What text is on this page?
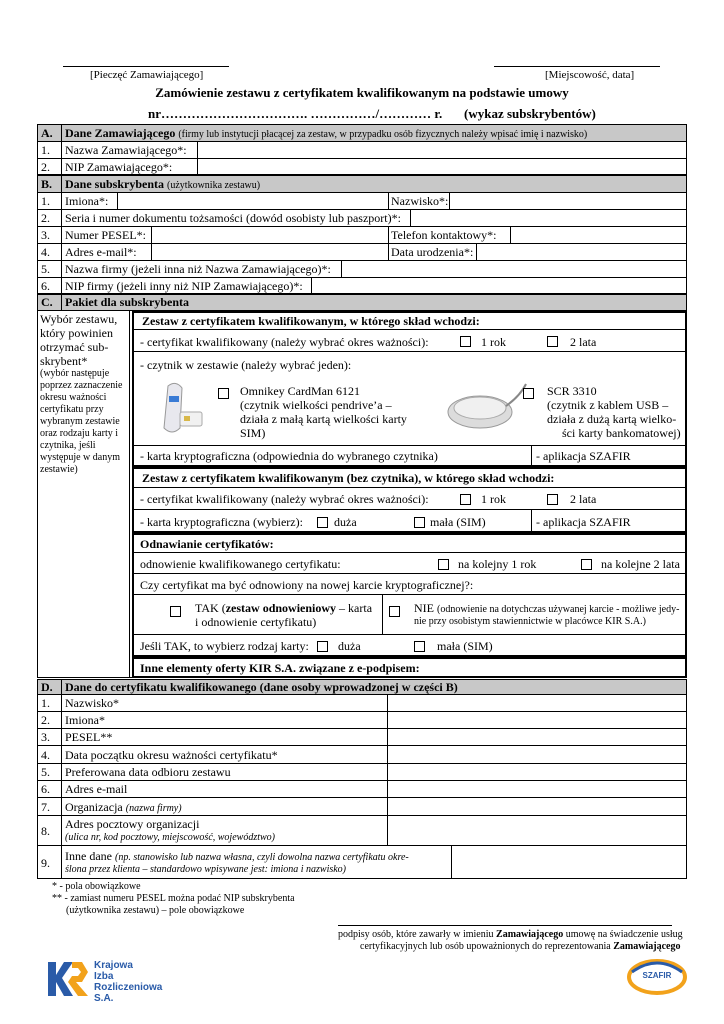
[Pieczęć Zamawiającego]	[Miejscowość, data]
Zamówienie zestawu z certyfikatem kwalifikowanym na podstawie umowy
nr……………………………. ……………/………… r. (wykaz subskrybentów)
A. Dane Zamawiającego (firmy lub instytucji płacącej za zestaw, w przypadku osób fizycznych należy wpisać imię i nazwisko)
1. Nazwa Zamawiającego*:
2. NIP Zamawiającego*:
B. Dane subskrybenta (użytkownika zestawu)
1. Imiona*:	Nazwisko*:
2. Seria i numer dokumentu tożsamości (dowód osobisty lub paszport)*:
3. Numer PESEL*:	Telefon kontaktowy*:
4. Adres e-mail*:	Data urodzenia*:
5. Nazwa firmy (jeżeli inna niż Nazwa Zamawiającego)*:
6. NIP firmy (jeżeli inny niż NIP Zamawiającego)*:
C. Pakiet dla subskrybenta
Wybór zestawu, który powinien otrzymać sub-skrybent*
(wybór następuje poprzez zaznaczenie okresu ważności certyfikatu przy wybranym zestawie oraz rodzaju karty i czytnika, jeśli występuje w danym zestawie)
Zestaw z certyfikatem kwalifikowanym, w którego skład wchodzi:
- certyfikat kwalifikowany (należy wybrać okres ważności):	1 rok	2 lata
- czytnik w zestawie (należy wybrać jeden):
Omnikey CardMan 6121
(czytnik wielkości pendrive’a –
działa z małą kartą wielkości karty
SIM)
SCR 3310
(czytnik z kablem USB –
działa z dużą kartą wielko-
ści karty bankomatowej)
- karta kryptograficzna (odpowiednia do wybranego czytnika)	- aplikacja SZAFIR
Zestaw z certyfikatem kwalifikowanym (bez czytnika), w którego skład wchodzi:
- certyfikat kwalifikowany (należy wybrać okres ważności):	1 rok	2 lata
- karta kryptograficzna (wybierz):	duża	mała (SIM)	- aplikacja SZAFIR
Odnawianie certyfikatów:
odnowienie kwalifikowanego certyfikatu:	na kolejny 1 rok	na kolejne 2 lata
Czy certyfikat ma być odnowiony na nowej karcie kryptograficznej?:
TAK (zestaw odnowieniowy – karta
i odnowienie certyfikatu)
NIE (odnowienie na dotychczas używanej karcie - możliwe jedy-
nie przy osobistym stawiennictwie w placówce KIR S.A.)
Jeśli TAK, to wybierz rodzaj karty: duża	mała (SIM)
Inne elementy oferty KIR S.A. związane z e-podpisem:
D. Dane do certyfikatu kwalifikowanego (dane osoby wprowadzonej w części B)
1. Nazwisko*
2. Imiona*
3. PESEL**
4. Data początku okresu ważności certyfikatu*
5. Preferowana data odbioru zestawu
6. Adres e-mail
7. Organizacja (nazwa firmy)
8. Adres pocztowy organizacji
(ulica nr, kod pocztowy, miejscowość, województwo)
9. Inne dane (np. stanowisko lub nazwa własna, czyli dowolna nazwa certyfikatu okre-
ślona przez klienta – standardowo wpisywane jest: imiona i nazwisko)
* - pola obowiązkowe
** - zamiast numeru PESEL można podać NIP subskrybenta
(użytkownika zestawu) – pole obowiązkowe
podpisy osób, które zawarły w imieniu Zamawiającego umowę na świadczenie usług
certyfikacyjnych lub osób upoważnionych do reprezentowania Zamawiającego
Krajowa
Izba
Rozliczeniowa S.A.
SZAFIR
